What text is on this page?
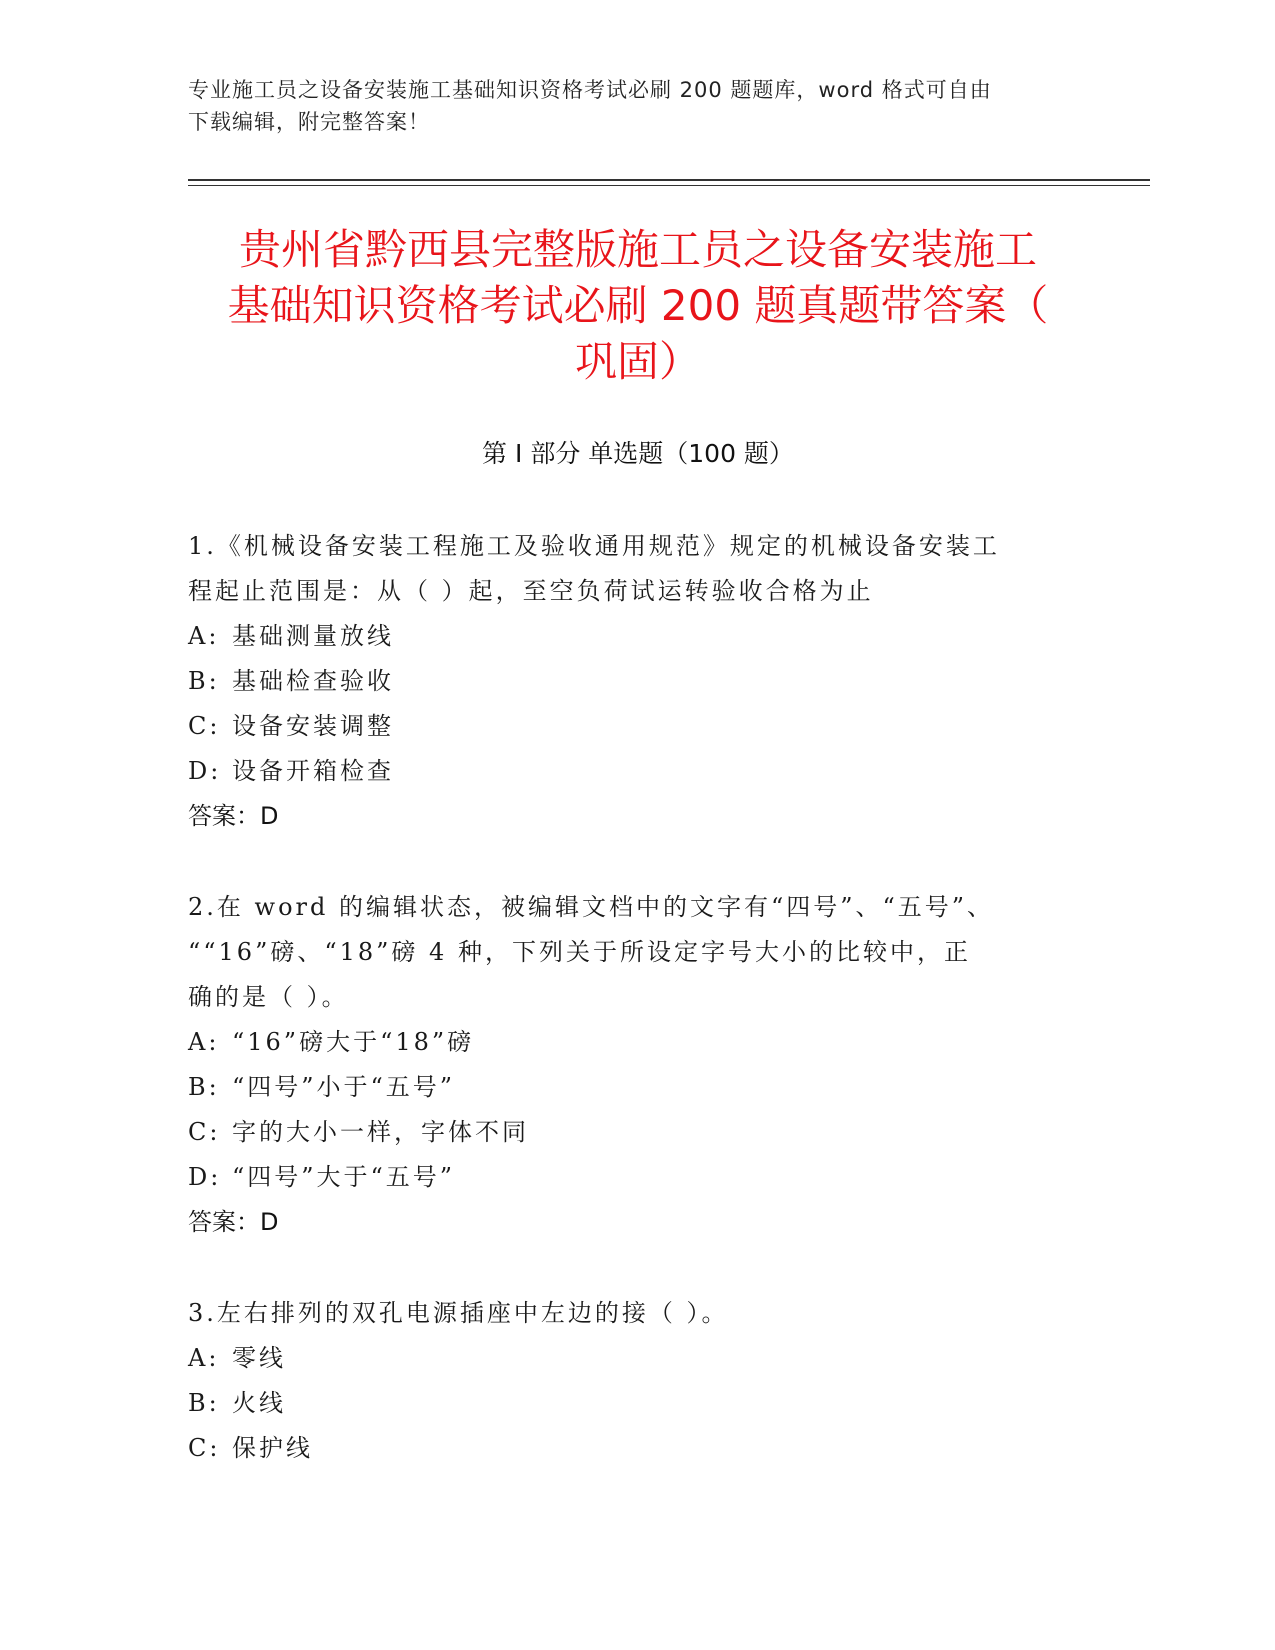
专业施工员之设备安装施工基础知识资格考试必刷 200 题题库，word 格式可自由
下载编辑，附完整答案！
贵州省黔西县完整版施工员之设备安装施工
基础知识资格考试必刷 200 题真题带答案（
巩固）
第 I 部分 单选题（100 题）
1.《机械设备安装工程施工及验收通用规范》规定的机械设备安装工
程起止范围是：从（ ）起，至空负荷试运转验收合格为止
A: 基础测量放线
B: 基础检查验收
C: 设备安装调整
D: 设备开箱检查
答案：D
2.在 word 的编辑状态，被编辑文档中的文字有“四号”、“五号”、
““16”磅、“18”磅 4 种，下列关于所设定字号大小的比较中，正
确的是（ ）。
A: “16”磅大于“18”磅
B: “四号”小于“五号”
C: 字的大小一样，字体不同
D: “四号”大于“五号”
答案：D
3.左右排列的双孔电源插座中左边的接（ ）。
A: 零线
B: 火线
C: 保护线
